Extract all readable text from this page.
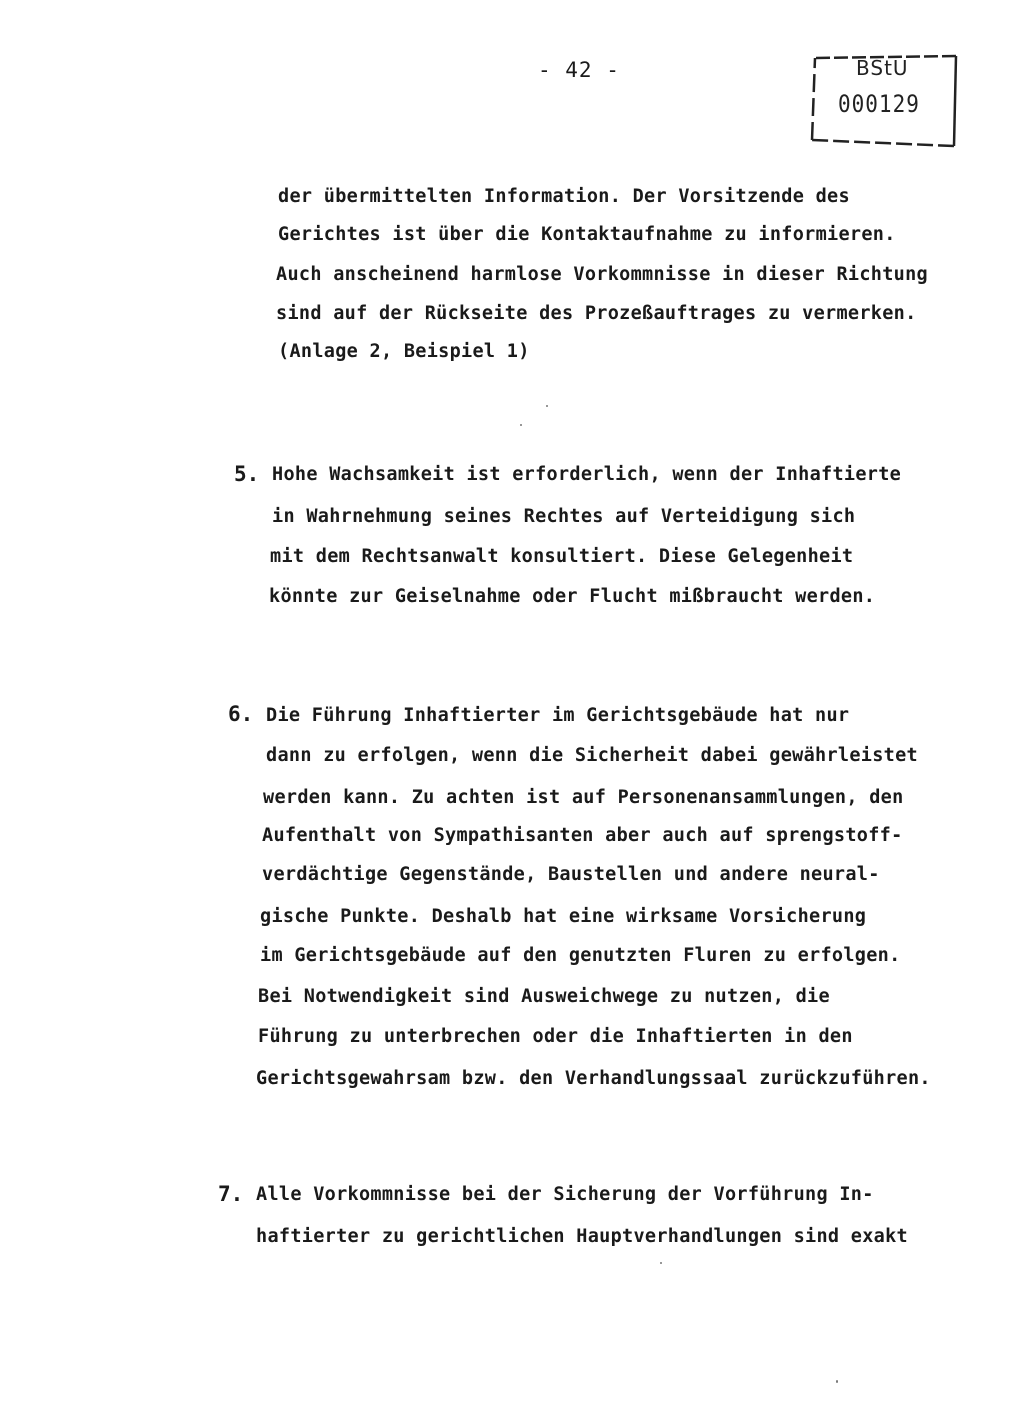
- 42 -	BStU
000129
der übermittelten Information. Der Vorsitzende des
Gerichtes ist über die Kontaktaufnahme zu informieren.
Auch anscheinend harmlose Vorkommnisse in dieser Richtung
sind auf der Rückseite des Prozeßauftrages zu vermerken.
(Anlage 2, Beispiel 1)
5. Hohe Wachsamkeit ist erforderlich, wenn der Inhaftierte
in Wahrnehmung seines Rechtes auf Verteidigung sich
mit dem Rechtsanwalt konsultiert. Diese Gelegenheit
könnte zur Geiselnahme oder Flucht mißbraucht werden.
6. Die Führung Inhaftierter im Gerichtsgebäude hat nur
dann zu erfolgen, wenn die Sicherheit dabei gewährleistet
werden kann. Zu achten ist auf Personenansammlungen, den
Aufenthalt von Sympathisanten aber auch auf sprengstoff-
verdächtige Gegenstände, Baustellen und andere neural-
gische Punkte. Deshalb hat eine wirksame Vorsicherung
im Gerichtsgebäude auf den genutzten Fluren zu erfolgen.
Bei Notwendigkeit sind Ausweichwege zu nutzen, die
Führung zu unterbrechen oder die Inhaftierten in den
Gerichtsgewahrsam bzw. den Verhandlungssaal zurückzuführen.
7. Alle Vorkommnisse bei der Sicherung der Vorführung In-
haftierter zu gerichtlichen Hauptverhandlungen sind exakt
